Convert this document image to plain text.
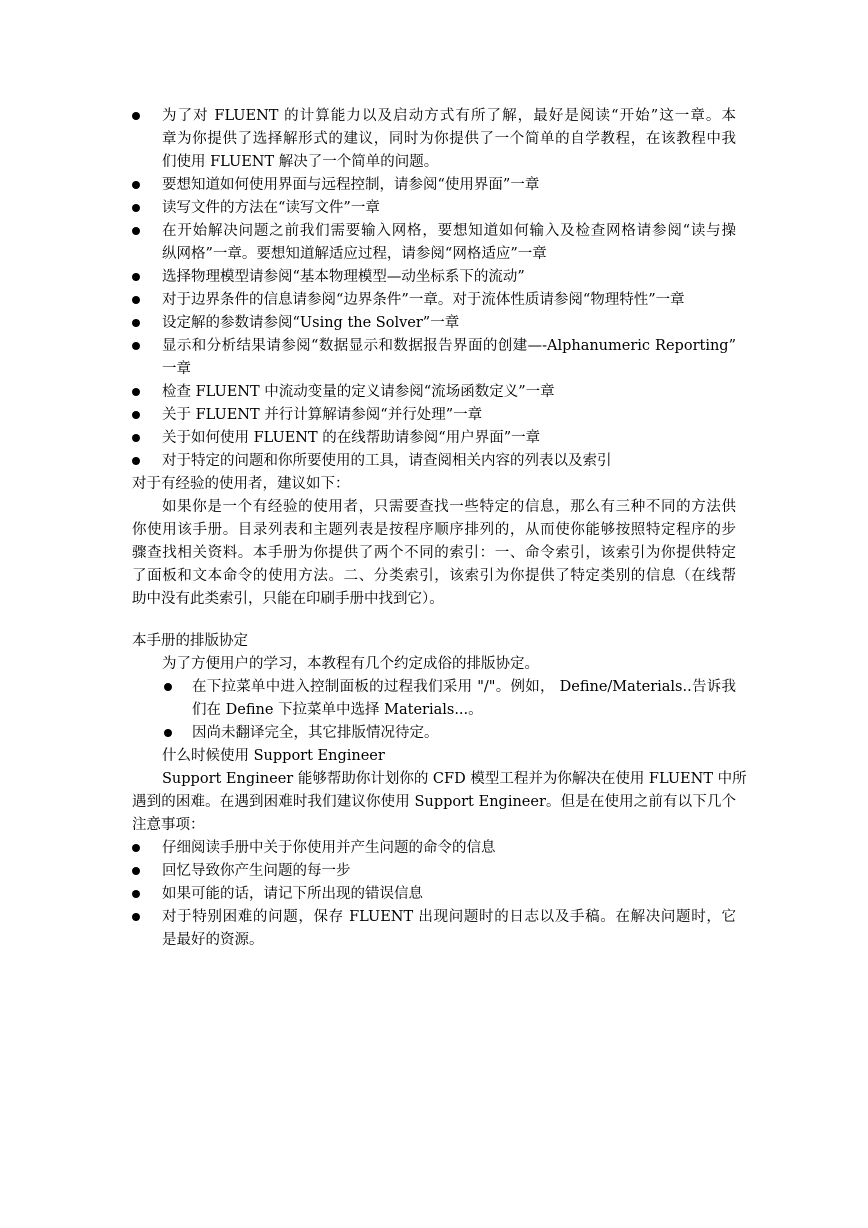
为了对 FLUENT 的计算能力以及启动方式有所了解，最好是阅读“开始”这一章。本
章为你提供了选择解形式的建议，同时为你提供了一个简单的自学教程，在该教程中我
们使用 FLUENT 解决了一个简单的问题。
要想知道如何使用界面与远程控制，请参阅“使用界面”一章
读写文件的方法在“读写文件”一章
在开始解决问题之前我们需要输入网格，要想知道如何输入及检查网格请参阅“读与操
纵网格”一章。要想知道解适应过程，请参阅“网格适应”一章
选择物理模型请参阅“基本物理模型—动坐标系下的流动”
对于边界条件的信息请参阅“边界条件”一章。对于流体性质请参阅“物理特性”一章
设定解的参数请参阅“Using the Solver”一章
显示和分析结果请参阅“数据显示和数据报告界面的创建—-Alphanumeric Reporting”
一章
检查 FLUENT 中流动变量的定义请参阅“流场函数定义”一章
关于 FLUENT 并行计算解请参阅“并行处理”一章
关于如何使用 FLUENT 的在线帮助请参阅“用户界面”一章
对于特定的问题和你所要使用的工具，请查阅相关内容的列表以及索引
对于有经验的使用者，建议如下：
如果你是一个有经验的使用者，只需要查找一些特定的信息，那么有三种不同的方法供
你使用该手册。目录列表和主题列表是按程序顺序排列的，从而使你能够按照特定程序的步
骤查找相关资料。本手册为你提供了两个不同的索引：一、命令索引，该索引为你提供特定
了面板和文本命令的使用方法。二、分类索引，该索引为你提供了特定类别的信息（在线帮
助中没有此类索引，只能在印刷手册中找到它）。
本手册的排版协定
为了方便用户的学习，本教程有几个约定成俗的排版协定。
在下拉菜单中进入控制面板的过程我们采用 "/"。例如， Define/Materials..告诉我
们在 Define 下拉菜单中选择 Materials...。
因尚未翻译完全，其它排版情况待定。
什么时候使用 Support Engineer
Support Engineer 能够帮助你计划你的 CFD 模型工程并为你解决在使用 FLUENT 中所
遇到的困难。在遇到困难时我们建议你使用 Support Engineer。但是在使用之前有以下几个
注意事项：
仔细阅读手册中关于你使用并产生问题的命令的信息
回忆导致你产生问题的每一步
如果可能的话，请记下所出现的错误信息
对于特别困难的问题，保存 FLUENT 出现问题时的日志以及手稿。在解决问题时，它
是最好的资源。
